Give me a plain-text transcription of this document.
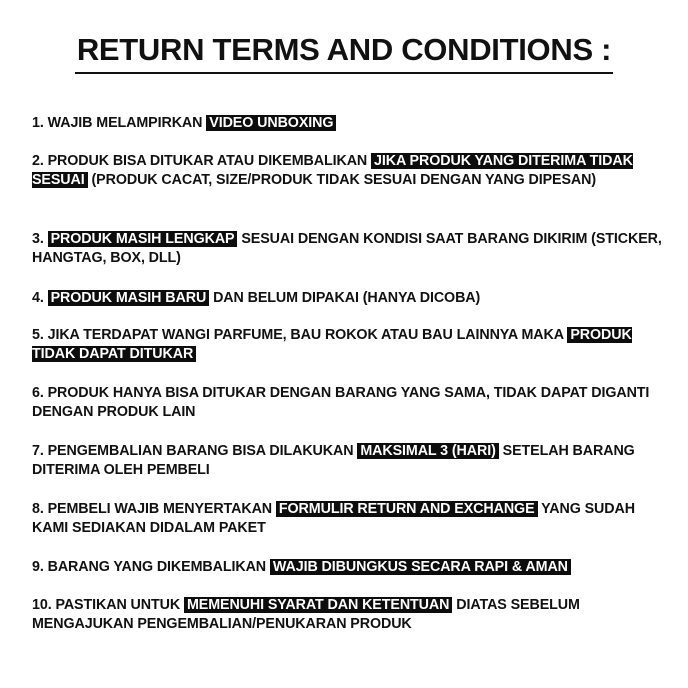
RETURN TERMS AND CONDITIONS :

1. WAJIB MELAMPIRKAN VIDEO UNBOXING

2. PRODUK BISA DITUKAR ATAU DIKEMBALIKAN JIKA PRODUK YANG DITERIMA TIDAK SESUAI (PRODUK CACAT, SIZE/PRODUK TIDAK SESUAI DENGAN YANG DIPESAN)

3. PRODUK MASIH LENGKAP SESUAI DENGAN KONDISI SAAT BARANG DIKIRIM (STICKER, HANGTAG, BOX, DLL)

4. PRODUK MASIH BARU DAN BELUM DIPAKAI (HANYA DICOBA)

5. JIKA TERDAPAT WANGI PARFUME, BAU ROKOK ATAU BAU LAINNYA MAKA PRODUK TIDAK DAPAT DITUKAR

6. PRODUK HANYA BISA DITUKAR DENGAN BARANG YANG SAMA, TIDAK DAPAT DIGANTI DENGAN PRODUK LAIN

7. PENGEMBALIAN BARANG BISA DILAKUKAN MAKSIMAL 3 (HARI) SETELAH BARANG DITERIMA OLEH PEMBELI

8. PEMBELI WAJIB MENYERTAKAN FORMULIR RETURN AND EXCHANGE YANG SUDAH KAMI SEDIAKAN DIDALAM PAKET

9. BARANG YANG DIKEMBALIKAN WAJIB DIBUNGKUS SECARA RAPI & AMAN

10. PASTIKAN UNTUK MEMENUHI SYARAT DAN KETENTUAN DIATAS SEBELUM MENGAJUKAN PENGEMBALIAN/PENUKARAN PRODUK
